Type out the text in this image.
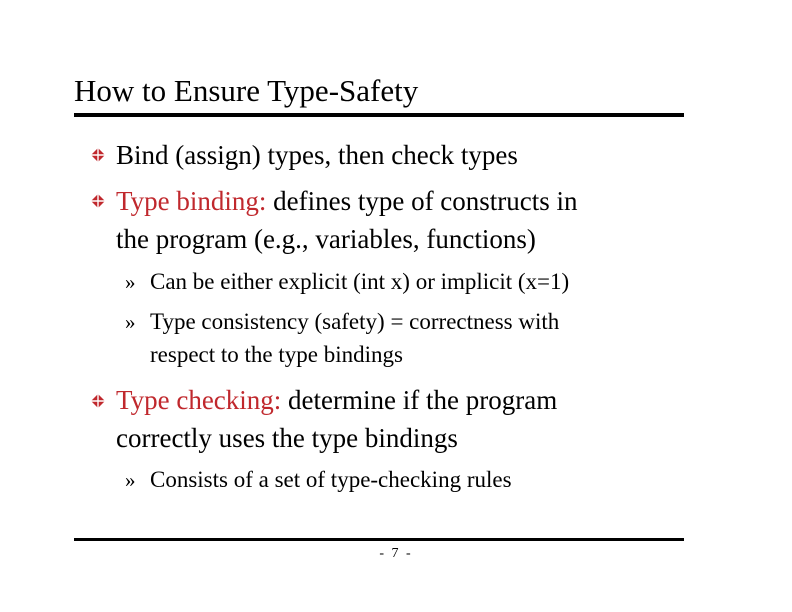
How to Ensure Type-Safety
Bind (assign) types, then check types
Type binding: defines type of constructs in
the program (e.g., variables, functions)
» Can be either explicit (int x) or implicit (x=1)
» Type consistency (safety) = correctness with
respect to the type bindings
Type checking: determine if the program
correctly uses the type bindings
» Consists of a set of type-checking rules
- 7 -
